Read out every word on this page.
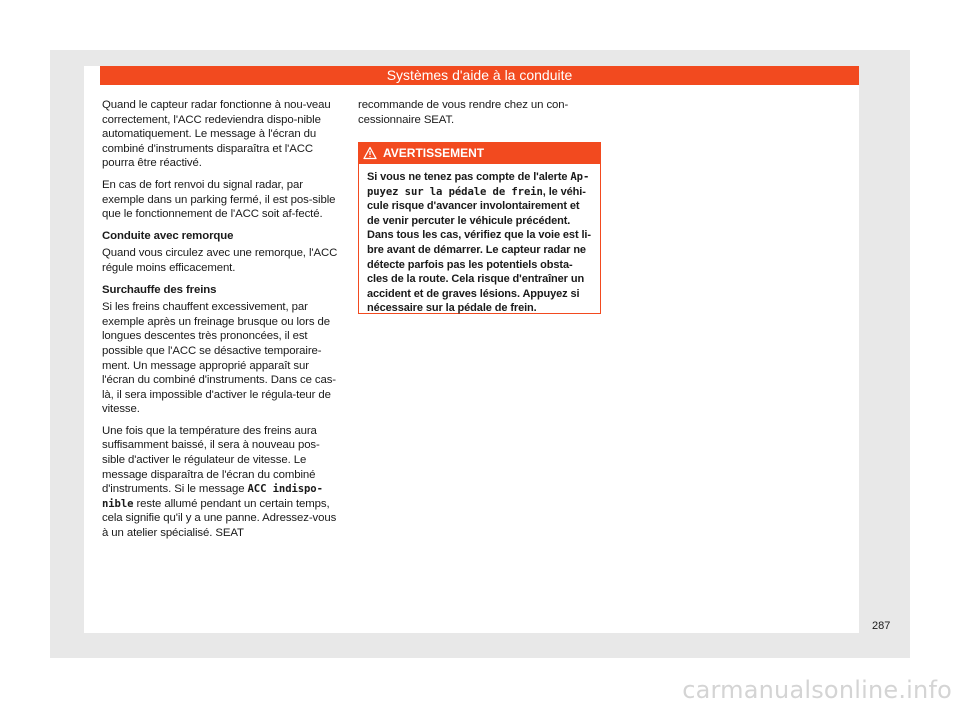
Systèmes d'aide à la conduite

Quand le capteur radar fonctionne à nou-veau correctement, l'ACC redeviendra dispo-nible automatiquement. Le message à l'écran du combiné d'instruments disparaîtra et l'ACC pourra être réactivé.

En cas de fort renvoi du signal radar, par exemple dans un parking fermé, il est pos-sible que le fonctionnement de l'ACC soit af-fecté.

Conduite avec remorque

Quand vous circulez avec une remorque, l'ACC régule moins efficacement.

Surchauffe des freins

Si les freins chauffent excessivement, par exemple après un freinage brusque ou lors de longues descentes très prononcées, il est possible que l'ACC se désactive temporaire-ment. Un message approprié apparaît sur l'écran du combiné d'instruments. Dans ce cas-là, il sera impossible d'activer le régula-teur de vitesse.

Une fois que la température des freins aura suffisamment baissé, il sera à nouveau pos-sible d'activer le régulateur de vitesse. Le message disparaîtra de l'écran du combiné d'instruments. Si le message ACC indispo-nible reste allumé pendant un certain temps, cela signifie qu'il y a une panne. Adressez-vous à un atelier spécialisé. SEAT

recommande de vous rendre chez un con-cessionnaire SEAT.

AVERTISSEMENT
Si vous ne tenez pas compte de l'alerte Ap-puyez sur la pédale de frein, le véhi-cule risque d'avancer involontairement et de venir percuter le véhicule précédent. Dans tous les cas, vérifiez que la voie est li-bre avant de démarrer. Le capteur radar ne détecte parfois pas les potentiels obsta-cles de la route. Cela risque d'entraîner un accident et de graves lésions. Appuyez si nécessaire sur la pédale de frein.
287
carmanualsonline.info
